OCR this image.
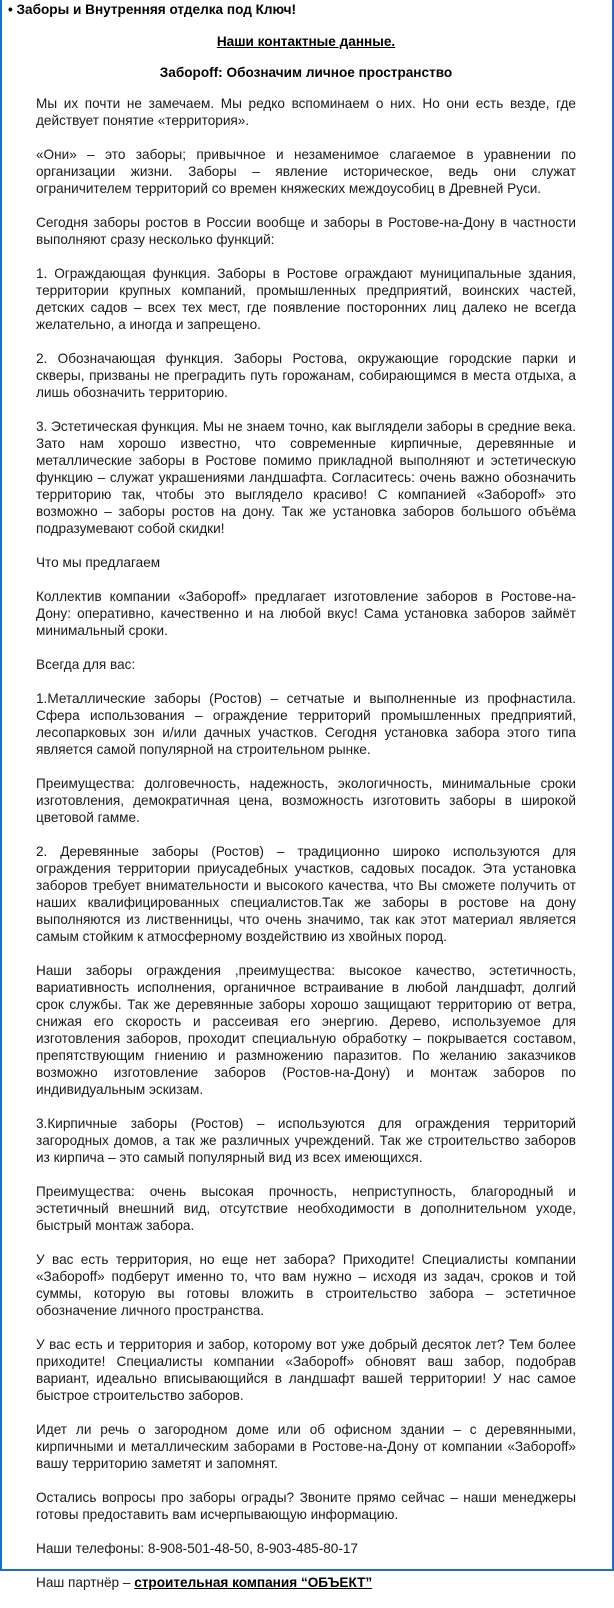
• Заборы и Внутренняя отделка под Ключ!
Наши контактные данные.
Заборoff: Обозначим личное пространство

Мы их почти не замечаем. Мы редко вспоминаем о них. Но они есть везде, где действует понятие «территория».

«Они» – это заборы; привычное и незаменимое слагаемое в уравнении по организации жизни. Заборы – явление историческое, ведь они служат ограничителем территорий со времен княжеских междоусобиц в Древней Руси.

Сегодня заборы ростов в России вообще и заборы в Ростове-на-Дону в частности выполняют сразу несколько функций:

1. Ограждающая функция. Заборы в Ростове ограждают муниципальные здания, территории крупных компаний, промышленных предприятий, воинских частей, детских садов – всех тех мест, где появление посторонних лиц далеко не всегда желательно, а иногда и запрещено.

2. Обозначающая функция. Заборы Ростова, окружающие городские парки и скверы, призваны не преградить путь горожанам, собирающимся в места отдыха, а лишь обозначить территорию.

3. Эстетическая функция. Мы не знаем точно, как выглядели заборы в средние века. Зато нам хорошо известно, что современные кирпичные, деревянные и металлические заборы в Ростове помимо прикладной выполняют и эстетическую функцию – служат украшениями ландшафта. Согласитесь: очень важно обозначить территорию так, чтобы это выглядело красиво! С компанией «Заборoff» это возможно – заборы ростов на дону. Так же установка заборов большого объёма подразумевают собой скидки!

Что мы предлагаем

Коллектив компании «Заборoff» предлагает изготовление заборов в Ростове-на-Дону: оперативно, качественно и на любой вкус! Сама установка заборов займёт минимальный сроки.

Всегда для вас:

1.Металлические заборы (Ростов) – сетчатые и выполненные из профнастила. Сфера использования – ограждение территорий промышленных предприятий, лесопарковых зон и/или дачных участков. Сегодня установка забора этого типа является самой популярной на строительном рынке.

Преимущества: долговечность, надежность, экологичность, минимальные сроки изготовления, демократичная цена, возможность изготовить заборы в широкой цветовой гамме.

2. Деревянные заборы (Ростов) – традиционно широко используются для ограждения территории приусадебных участков, садовых посадок. Эта установка заборов требует внимательности и высокого качества, что Вы сможете получить от наших квалифицированных специалистов.Так же заборы в ростове на дону выполняются из лиственницы, что очень значимо, так как этот материал является самым стойким к атмосферному воздействию из хвойных пород.

Наши заборы ограждения ,преимущества: высокое качество, эстетичность, вариативность исполнения, органичное встраивание в любой ландшафт, долгий срок службы. Так же деревянные заборы хорошо защищают территорию от ветра, снижая его скорость и рассеивая его энергию. Дерево, используемое для изготовления заборов, проходит специальную обработку – покрывается составом, препятствующим гниению и размножению паразитов. По желанию заказчиков возможно изготовление заборов (Ростов-на-Дону) и монтаж заборов по индивидуальным эскизам.

3.Кирпичные заборы (Ростов) – используются для ограждения территорий загородных домов, а так же различных учреждений. Так же строительство заборов из кирпича – это самый популярный вид из всех имеющихся.

Преимущества: очень высокая прочность, неприступность, благородный и эстетичный внешний вид, отсутствие необходимости в дополнительном уходе, быстрый монтаж забора.

У вас есть территория, но еще нет забора? Приходите! Специалисты компании «Заборoff» подберут именно то, что вам нужно – исходя из задач, сроков и той суммы, которую вы готовы вложить в строительство забора – эстетичное обозначение личного пространства.

У вас есть и территория и забор, которому вот уже добрый десяток лет? Тем более приходите! Специалисты компании «Заборoff» обновят ваш забор, подобрав вариант, идеально вписывающийся в ландшафт вашей территории! У нас самое быстрое строительство заборов.

Идет ли речь о загородном доме или об офисном здании – с деревянными, кирпичными и металлическим заборами в Ростове-на-Дону от компании «Заборoff» вашу территорию заметят и запомнят.

Остались вопросы про заборы ограды? Звоните прямо сейчас – наши менеджеры готовы предоставить вам исчерпывающую информацию.

Наши телефоны: 8-908-501-48-50, 8-903-485-80-17

Наш партнёр – строительная компания “ОБЪЕКТ”
